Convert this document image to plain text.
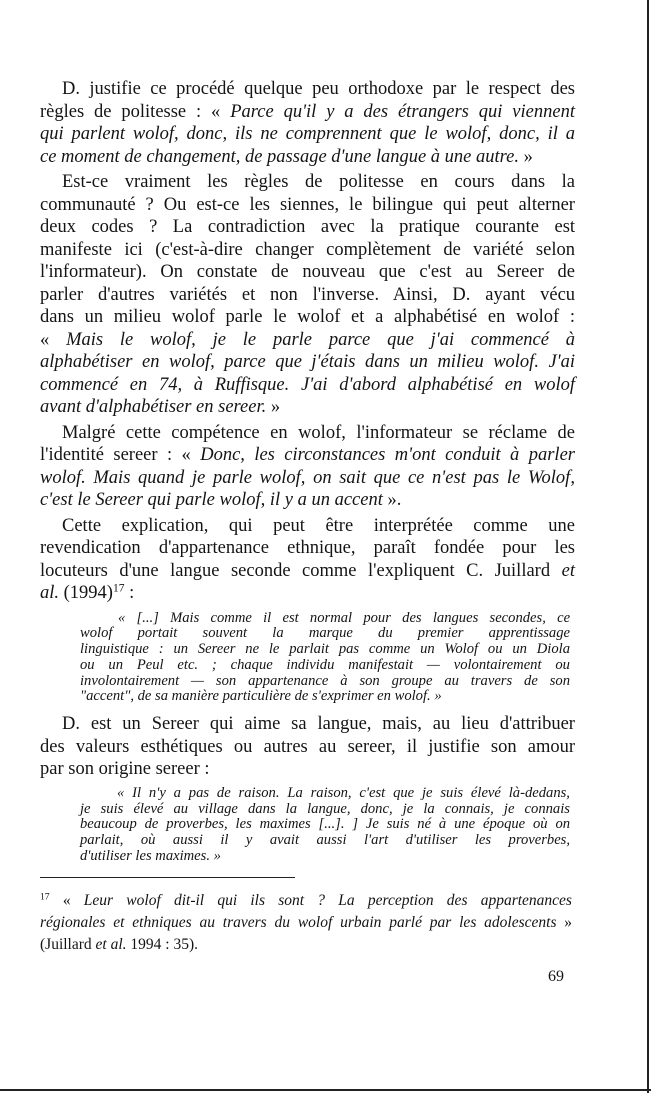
D. justifie ce procédé quelque peu orthodoxe par le respect des
règles de politesse : « Parce qu'il y a des étrangers qui viennent
qui parlent wolof, donc, ils ne comprennent que le wolof, donc, il a
ce moment de changement, de passage d'une langue à une autre. »
Est-ce vraiment les règles de politesse en cours dans la
communauté ? Ou est-ce les siennes, le bilingue qui peut alterner
deux codes ? La contradiction avec la pratique courante est
manifeste ici (c'est-à-dire changer complètement de variété selon
l'informateur). On constate de nouveau que c'est au Sereer de
parler d'autres variétés et non l'inverse. Ainsi, D. ayant vécu
dans un milieu wolof parle le wolof et a alphabétisé en wolof :
« Mais le wolof, je le parle parce que j'ai commencé à
alphabétiser en wolof, parce que j'étais dans un milieu wolof. J'ai
commencé en 74, à Ruffisque. J'ai d'abord alphabétisé en wolof
avant d'alphabétiser en sereer. »
Malgré cette compétence en wolof, l'informateur se réclame de
l'identité sereer : « Donc, les circonstances m'ont conduit à parler
wolof. Mais quand je parle wolof, on sait que ce n'est pas le Wolof,
c'est le Sereer qui parle wolof, il y a un accent ».
Cette explication, qui peut être interprétée comme une
revendication d'appartenance ethnique, paraît fondée pour les
locuteurs d'une langue seconde comme l'expliquent C. Juillard et
al. $(1994)^{17}$ :
« [...] Mais comme il est normal pour des langues secondes, ce
wolof portait souvent la marque du premier apprentissage
linguistique : un Sereer ne le parlait pas comme un Wolof ou un Diola
ou un Peul etc. ; chaque individu manifestait — volontairement ou
involontairement — son appartenance à son groupe au travers de son
"accent", de sa manière particulière de s'exprimer en wolof. »
D. est un Sereer qui aime sa langue, mais, au lieu d'attribuer
des valeurs esthétiques ou autres au sereer, il justifie son amour
par son origine sereer :
« Il n'y a pas de raison. La raison, c'est que je suis élevé là-dedans,
je suis élevé au village dans la langue, donc, je la connais, je connais
beaucoup de proverbes, les maximes [...]. ] Je suis né à une époque où on
parlait, où aussi il y avait aussi l'art d'utiliser les proverbes,
d'utiliser les maximes. »
$^{17}$ « Leur wolof dit-il qui ils sont ? La perception des appartenances
régionales et ethniques au travers du wolof urbain parlé par les adolescents »
(Juillard et al. 1994 : 35).
69
